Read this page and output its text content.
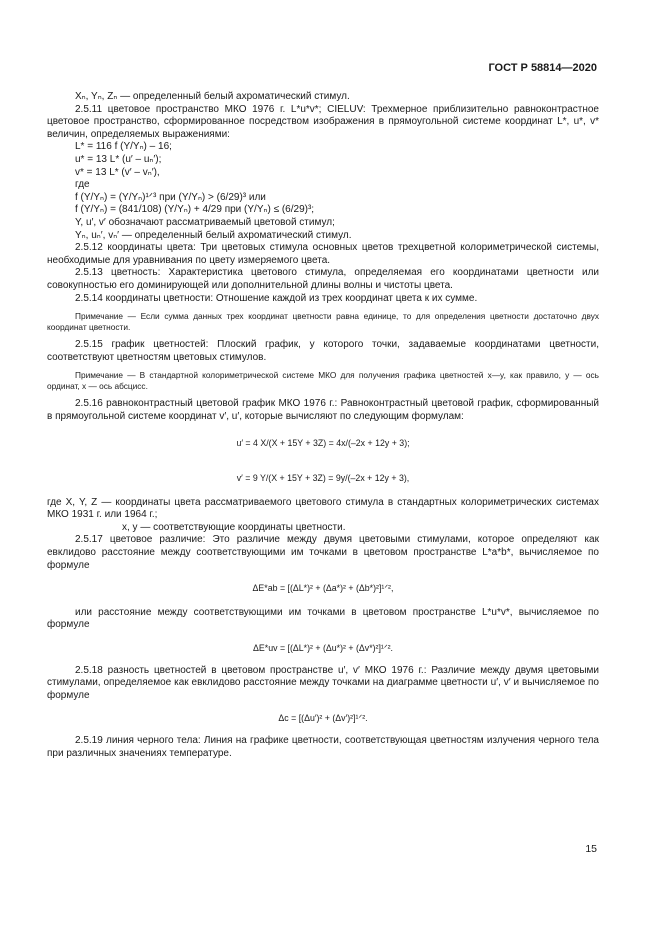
ГОСТ Р 58814—2020

Xₙ, Yₙ, Zₙ — определенный белый ахроматический стимул.

2.5.11 цветовое пространство МКО 1976 г. L*u*v*; CIELUV: Трехмерное приблизительно равноконтрастное цветовое пространство, сформированное посредством изображения в прямоугольной системе координат L*, u*, v* величин, определяемых выражениями:

L* = 116 f (Y/Yₙ) – 16;

u* = 13 L* (u′ – uₙ′);

v* = 13 L* (v′ – vₙ′),

где

f (Y/Yₙ) = (Y/Yₙ)¹ᐟ³ при (Y/Yₙ) > (6/29)³ или

f (Y/Yₙ) = (841/108) (Y/Yₙ) + 4/29 при (Y/Yₙ) ≤ (6/29)³;

Y, u′, v′ обозначают рассматриваемый цветовой стимул;

Yₙ, uₙ′, vₙ′ — определенный белый ахроматический стимул.

2.5.12 координаты цвета: Три цветовых стимула основных цветов трехцветной колориметрической системы, необходимые для уравнивания по цвету измеряемого цвета.

2.5.13 цветность: Характеристика цветового стимула, определяемая его координатами цветности или совокупностью его доминирующей или дополнительной длины волны и чистоты цвета.

2.5.14 координаты цветности: Отношение каждой из трех координат цвета к их сумме.

Примечание — Если сумма данных трех координат цветности равна единице, то для определения цветности достаточно двух координат цветности.

2.5.15 график цветностей: Плоский график, у которого точки, задаваемые координатами цветности, соответствуют цветностям цветовых стимулов.

Примечание — В стандартной колориметрической системе МКО для получения графика цветностей x—y, как правило, y — ось ординат, x — ось абсцисс.

2.5.16 равноконтрастный цветовой график МКО 1976 г.: Равноконтрастный цветовой график, сформированный в прямоугольной системе координат v′, u′, которые вычисляют по следующим формулам:

u′ = 4 X/(X + 15Y + 3Z) = 4x/(–2x + 12y + 3);

v′ = 9 Y/(X + 15Y + 3Z) = 9y/(–2x + 12y + 3),

где X, Y, Z — координаты цвета рассматриваемого цветового стимула в стандартных колориметрических системах МКО 1931 г. или 1964 г.;

x, y — соответствующие координаты цветности.

2.5.17 цветовое различие: Это различие между двумя цветовыми стимулами, которое определяют как евклидово расстояние между соответствующими им точками в цветовом пространстве L*a*b*, вычисляемое по формуле

ΔE*ab = [(ΔL*)² + (Δa*)² + (Δb*)²]¹ᐟ²,

или расстояние между соответствующими им точками в цветовом пространстве L*u*v*, вычисляемое по формуле

ΔE*uv = [(ΔL*)² + (Δu*)² + (Δv*)²]¹ᐟ².

2.5.18 разность цветностей в цветовом пространстве u′, v′ МКО 1976 г.: Различие между двумя цветовыми стимулами, определяемое как евклидово расстояние между точками на диаграмме цветности u′, v′ и вычисляемое по формуле

Δc = [(Δu′)² + (Δv′)²]¹ᐟ².

2.5.19 линия черного тела: Линия на графике цветности, соответствующая цветностям излучения черного тела при различных значениях температуре.

15
